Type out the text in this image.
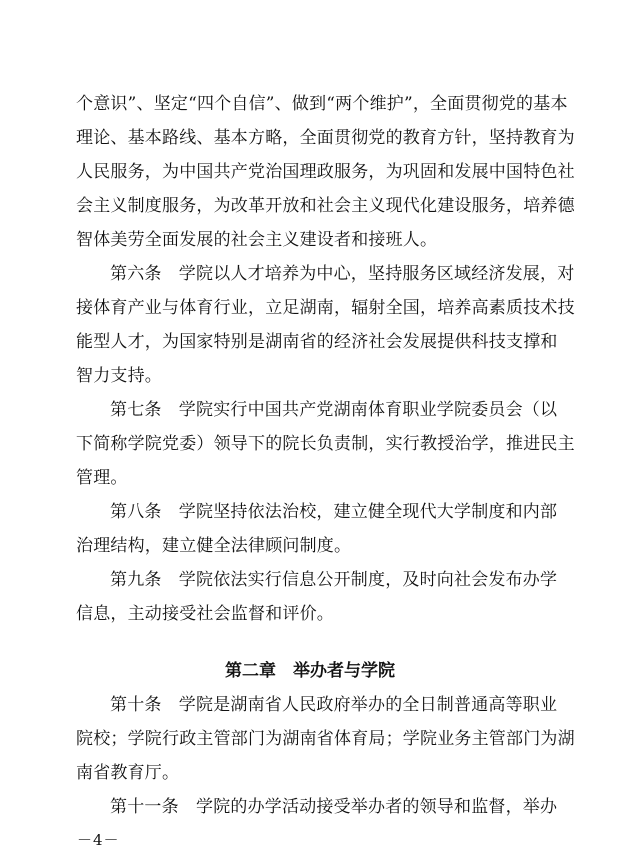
个意识”、坚定“四个自信”、做到“两个维护”，全面贯彻党的基本
理论、基本路线、基本方略，全面贯彻党的教育方针，坚持教育为
人民服务，为中国共产党治国理政服务，为巩固和发展中国特色社
会主义制度服务，为改革开放和社会主义现代化建设服务，培养德
智体美劳全面发展的社会主义建设者和接班人。
第六条　学院以人才培养为中心，坚持服务区域经济发展，对
接体育产业与体育行业，立足湖南，辐射全国，培养高素质技术技
能型人才，为国家特别是湖南省的经济社会发展提供科技支撑和
智力支持。
第七条　学院实行中国共产党湖南体育职业学院委员会（以
下简称学院党委）领导下的院长负责制，实行教授治学，推进民主
管理。
第八条　学院坚持依法治校，建立健全现代大学制度和内部
治理结构，建立健全法律顾问制度。
第九条　学院依法实行信息公开制度，及时向社会发布办学
信息，主动接受社会监督和评价。
第二章　举办者与学院
第十条　学院是湖南省人民政府举办的全日制普通高等职业
院校；学院行政主管部门为湖南省体育局；学院业务主管部门为湖
南省教育厅。
第十一条　学院的办学活动接受举办者的领导和监督，举办
－4－
